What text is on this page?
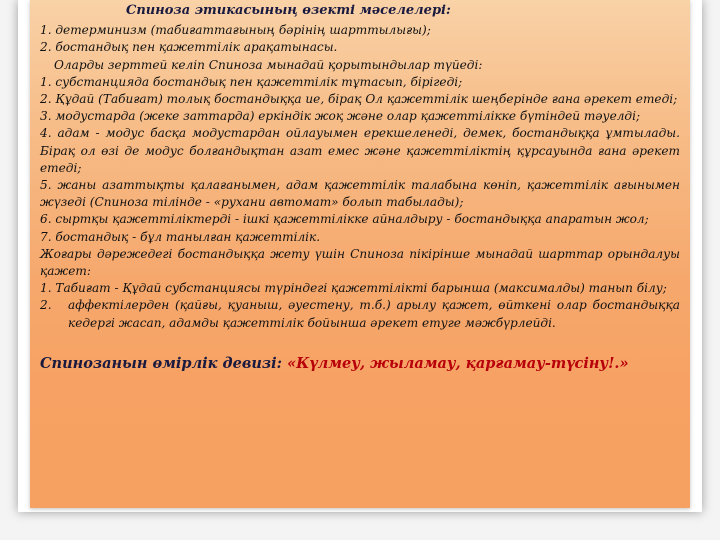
Спиноза этикасының өзекті мәселелері:

1. детерминизм (табиғаттағының бәрінің шарттылығы);

2. бостандық пен қажеттілік арақатынасы.

Оларды зерттей келіп Спиноза мынадай қорытындылар түйеді:

1. субстанцияда бостандық пен қажеттілік тұтасып, бірігеді;

2. Құдай (Табиғат) толық бостандыққа ие, бірақ Ол қажеттілік шеңберінде ғана әрекет етеді;

3. модустарда (жеке заттарда) еркіндік жоқ және олар қажеттілікке бүтіндей тәуелді;

4. адам - модус басқа модустардан ойлауымен ерекшеленеді, демек, бостандыққа ұмтылады. Бірақ ол өзі де модус болғандықтан азат емес және қажеттіліктің құрсауында ғана әрекет етеді;

5. жаны азаттықты қалағанымен, адам қажеттілік талабына көніп, қажеттілік ағынымен жүзеді (Спиноза тілінде - «рухани автомат» болып табылады);

6. сыртқы қажеттіліктерді - ішкі қажеттілікке айналдыру - бостандыққа апаратын жол;

7. бостандық - бұл танылған қажеттілік.

Жоғары дәрежедегі бостандыққа жету үшін Спиноза пікірінше мынадай шарттар орындалуы қажет:

1. Табиғат - Құдай субстанциясы түріндегі қажеттілікті барынша (максималды) танып білу;

2.	аффектілерден (қайғы, қуаныш, әуестену, т.б.) арылу қажет, өйткені олар бостандыққа кедергі жасап, адамды қажеттілік бойынша әрекет етуге мәжбүрлейді.
Спинозанын өмірлік девизі: «Күлмеу, жыламау, қарғамау-түсіну!.»
